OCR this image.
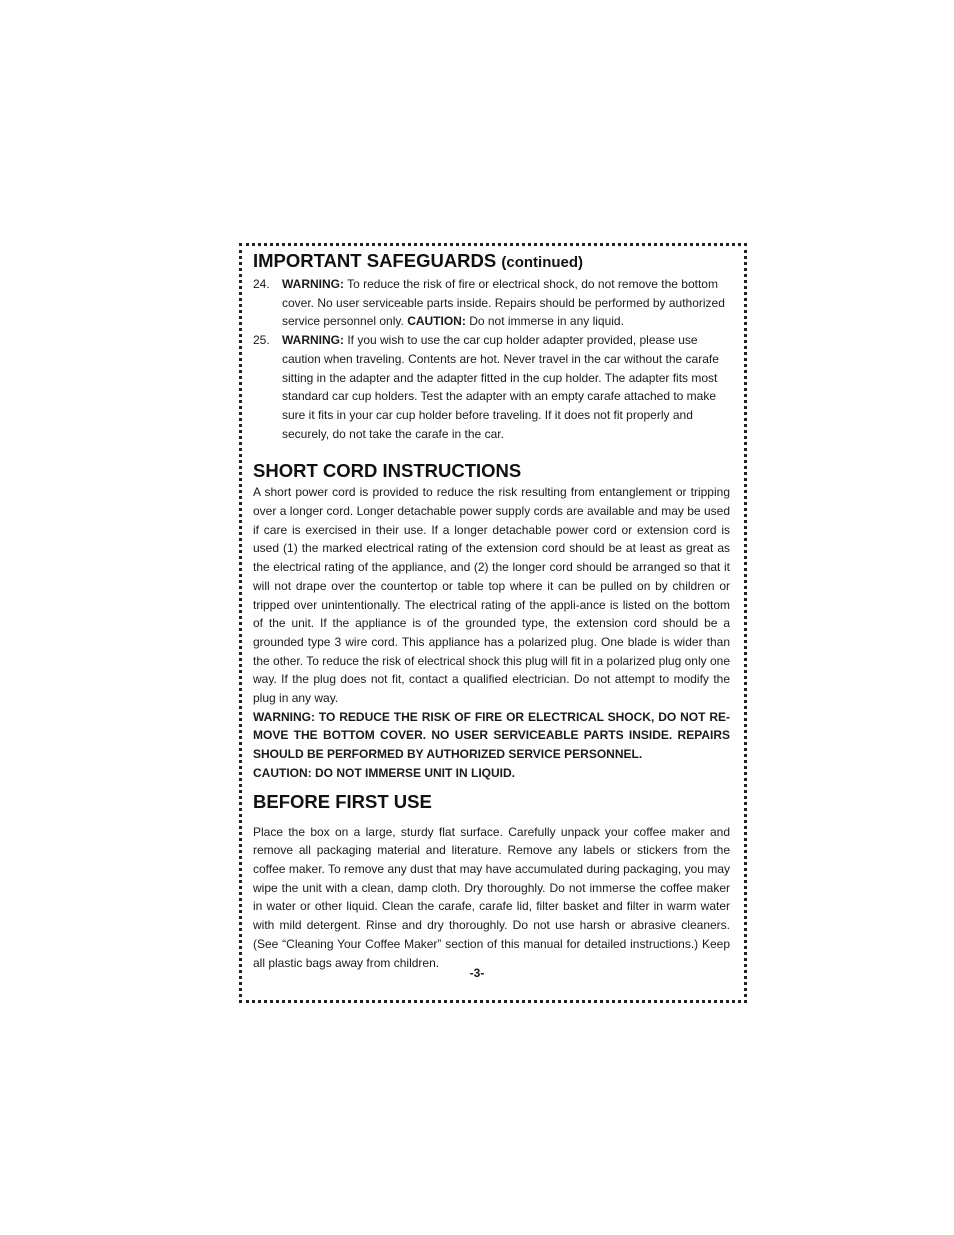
IMPORTANT SAFEGUARDS (continued)
24. WARNING: To reduce the risk of fire or electrical shock, do not remove the bottom cover. No user serviceable parts inside. Repairs should be performed by authorized service personnel only. CAUTION: Do not immerse in any liquid.
25. WARNING: If you wish to use the car cup holder adapter provided, please use caution when traveling. Contents are hot. Never travel in the car without the carafe sitting in the adapter and the adapter fitted in the cup holder. The adapter fits most standard car cup holders. Test the adapter with an empty carafe attached to make sure it fits in your car cup holder before traveling. If it does not fit properly and securely, do not take the carafe in the car.
SHORT CORD INSTRUCTIONS

A short power cord is provided to reduce the risk resulting from entanglement or tripping over a longer cord. Longer detachable power supply cords are available and may be used if care is exercised in their use. If a longer detachable power cord or extension cord is used (1) the marked electrical rating of the extension cord should be at least as great as the electrical rating of the appliance, and (2) the longer cord should be arranged so that it will not drape over the countertop or table top where it can be pulled on by children or tripped over unintentionally. The electrical rating of the appli-ance is listed on the bottom of the unit. If the appliance is of the grounded type, the extension cord should be a grounded type 3 wire cord. This appliance has a polarized plug. One blade is wider than the other. To reduce the risk of electrical shock this plug will fit in a polarized plug only one way. If the plug does not fit, contact a qualified electrician. Do not attempt to modify the plug in any way.

WARNING: TO REDUCE THE RISK OF FIRE OR ELECTRICAL SHOCK, DO NOT RE-MOVE THE BOTTOM COVER. NO USER SERVICEABLE PARTS INSIDE. REPAIRS SHOULD BE PERFORMED BY AUTHORIZED SERVICE PERSONNEL.

CAUTION: DO NOT IMMERSE UNIT IN LIQUID.

BEFORE FIRST USE

Place the box on a large, sturdy flat surface. Carefully unpack your coffee maker and remove all packaging material and literature. Remove any labels or stickers from the coffee maker. To remove any dust that may have accumulated during packaging, you may wipe the unit with a clean, damp cloth. Dry thoroughly. Do not immerse the coffee maker in water or other liquid. Clean the carafe, carafe lid, filter basket and filter in warm water with mild detergent. Rinse and dry thoroughly. Do not use harsh or abrasive cleaners. (See “Cleaning Your Coffee Maker” section of this manual for detailed instructions.) Keep all plastic bags away from children.

-3-
